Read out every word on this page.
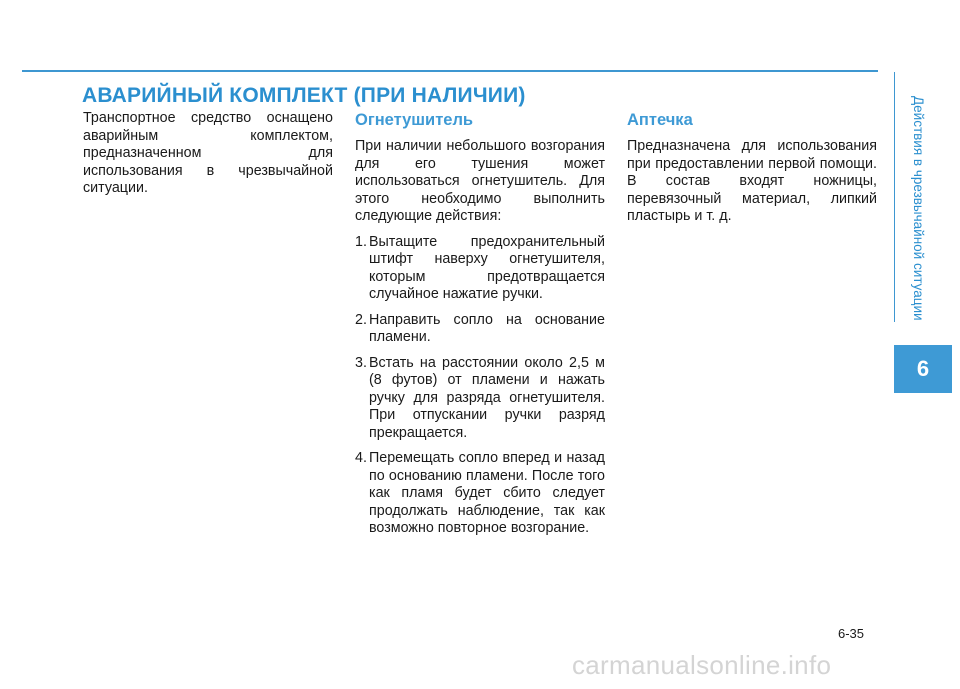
АВАРИЙНЫЙ КОМПЛЕКТ (ПРИ НАЛИЧИИ)

Транспортное средство оснащено аварийным комплектом, предназначенном для использования в чрезвычайной ситуации.

Огнетушитель

При наличии небольшого возгорания для его тушения может использоваться огнетушитель. Для этого необходимо выполнить следующие действия:

1. Вытащите предохранительный штифт наверху огнетушителя, которым предотвращается случайное нажатие ручки.
2. Направить сопло на основание пламени.
3. Встать на расстоянии около 2,5 м (8 футов) от пламени и нажать ручку для разряда огнетушителя. При отпускании ручки разряд прекращается.
4. Перемещать сопло вперед и назад по основанию пламени. После того как пламя будет сбито следует продолжать наблюдение, так как возможно повторное возгорание.
Аптечка

Предназначена для использования при предоставлении первой помощи. В состав входят ножницы, перевязочный материал, липкий пластырь и т. д.	Действия в чрезвычайной ситуации
6
6-35
carmanualsonline.info
